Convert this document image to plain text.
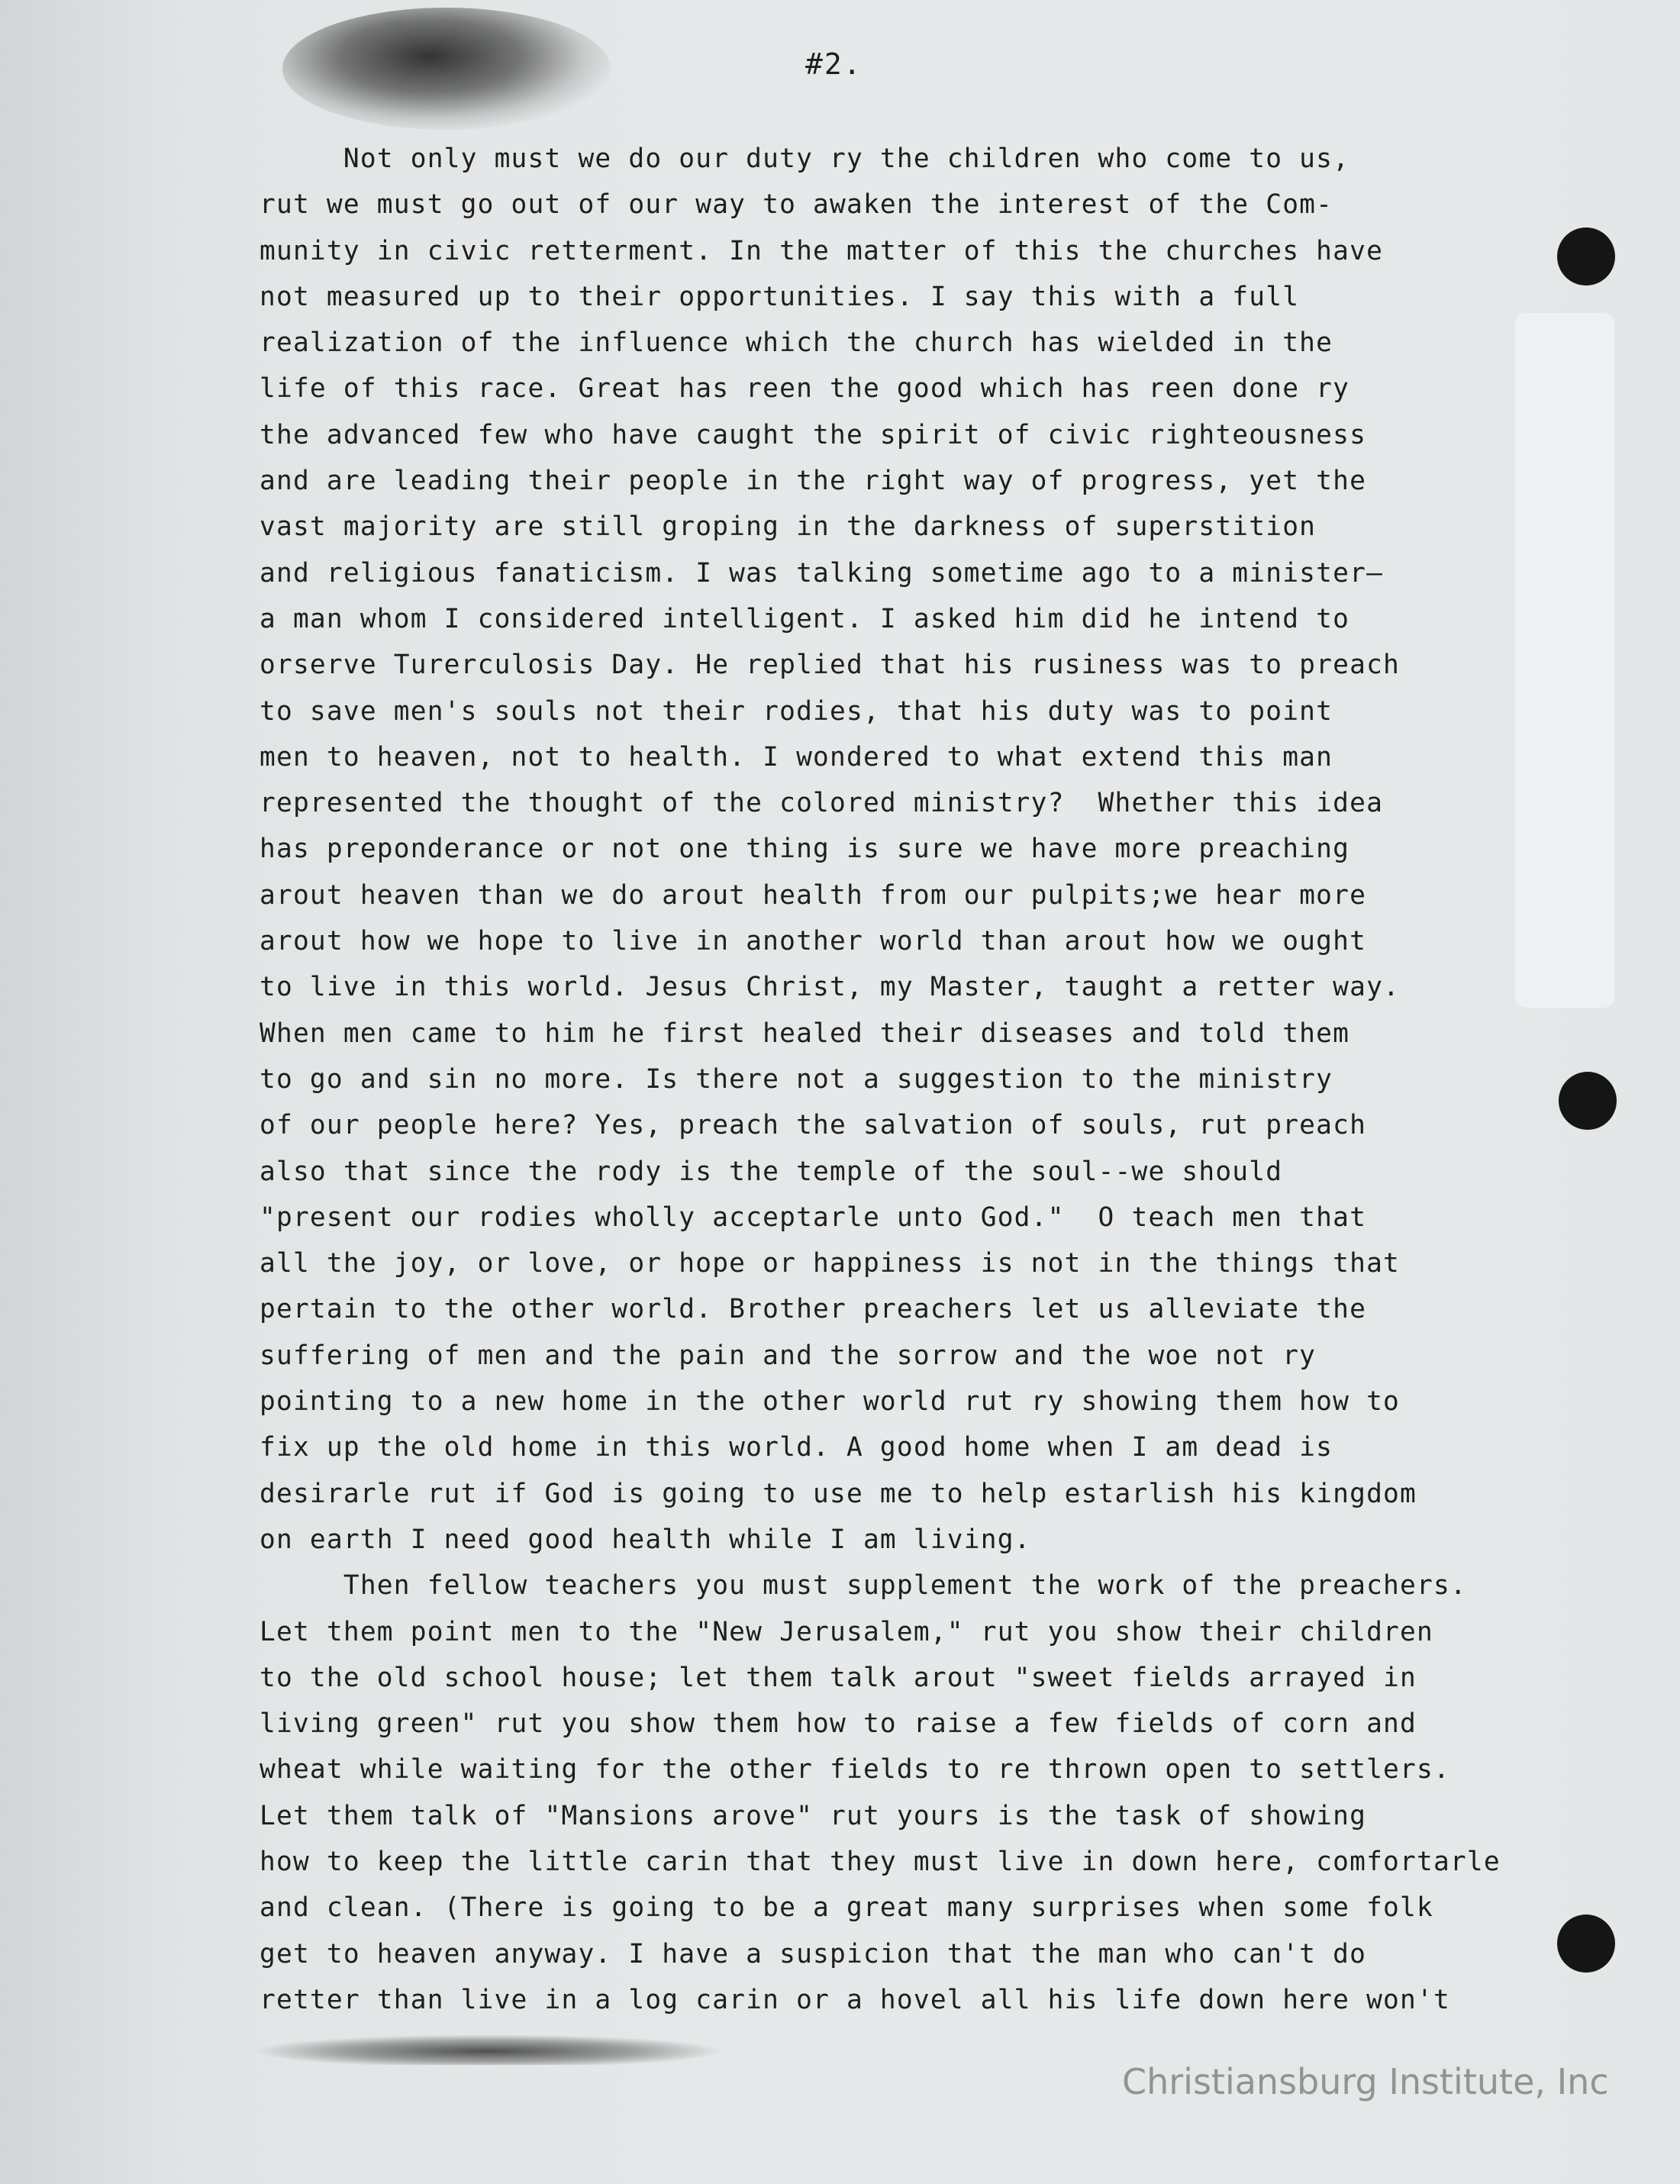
#2.
Not only must we do our duty ry the children who come to us,
rut we must go out of our way to awaken the interest of the Com-
munity in civic retterment. In the matter of this the churches have
not measured up to their opportunities. I say this with a full
realization of the influence which the church has wielded in the
life of this race. Great has reen the good which has reen done ry
the advanced few who have caught the spirit of civic righteousness
and are leading their people in the right way of progress, yet the
vast majority are still groping in the darkness of superstition
and religious fanaticism. I was talking sometime ago to a minister—
a man whom I considered intelligent. I asked him did he intend to
orserve Turerculosis Day. He replied that his rusiness was to preach
to save men's souls not their rodies, that his duty was to point
men to heaven, not to health. I wondered to what extend this man
represented the thought of the colored ministry?  Whether this idea
has preponderance or not one thing is sure we have more preaching
arout heaven than we do arout health from our pulpits;we hear more
arout how we hope to live in another world than arout how we ought
to live in this world. Jesus Christ, my Master, taught a retter way.
When men came to him he first healed their diseases and told them
to go and sin no more. Is there not a suggestion to the ministry
of our people here? Yes, preach the salvation of souls, rut preach
also that since the rody is the temple of the soul--we should
"present our rodies wholly acceptarle unto God."  O teach men that
all the joy, or love, or hope or happiness is not in the things that
pertain to the other world. Brother preachers let us alleviate the
suffering of men and the pain and the sorrow and the woe not ry
pointing to a new home in the other world rut ry showing them how to
fix up the old home in this world. A good home when I am dead is
desirarle rut if God is going to use me to help estarlish his kingdom
on earth I need good health while I am living.
Then fellow teachers you must supplement the work of the preachers.
Let them point men to the "New Jerusalem," rut you show their children
to the old school house; let them talk arout "sweet fields arrayed in
living green" rut you show them how to raise a few fields of corn and
wheat while waiting for the other fields to re thrown open to settlers.
Let them talk of "Mansions arove" rut yours is the task of showing
how to keep the little carin that they must live in down here, comfortarle
and clean. (There is going to be a great many surprises when some folk
get to heaven anyway. I have a suspicion that the man who can't do
retter than live in a log carin or a hovel all his life down here won't
Christiansburg Institute, Inc
